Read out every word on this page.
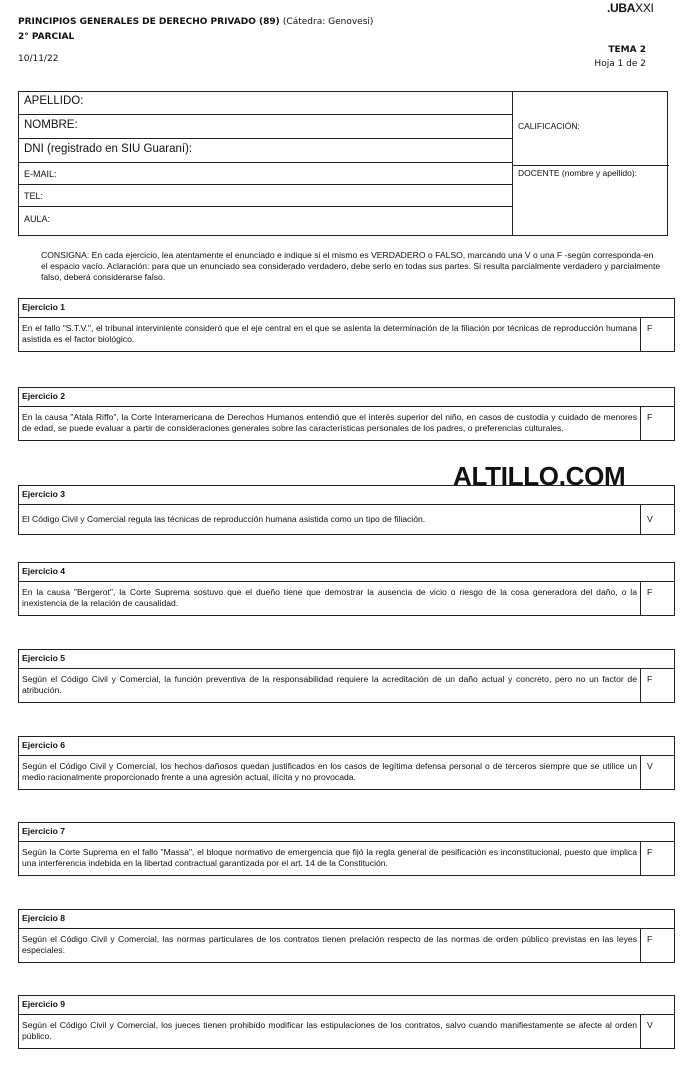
PRINCIPIOS GENERALES DE DERECHO PRIVADO (89) (Cátedra: Genovesi)
2° PARCIAL
10/11/22
.UBAXXI
TEMA 2
Hoja 1 de 2
APELLIDO:
NOMBRE:
DNI (registrado en SIU Guaraní):
E-MAIL:
TEL:
AULA:
CALIFICACIÓN:
DOCENTE (nombre y apellido):
CONSIGNA: En cada ejercicio, lea atentamente el enunciado e indique si el mismo es VERDADERO o FALSO, marcando una V o una F -según corresponda-en el espacio vacío. Aclaración: para que un enunciado sea considerado verdadero, debe serlo en todas sus partes. Si resulta parcialmente verdadero y parcialmente falso, deberá considerarse falso.
Ejercicio 1
En el fallo "S.T.V.", el tribunal interviniente consideró que el eje central en el que se asienta la determinación de la filiación por técnicas de reproducción humana asistida es el factor biológico.
F
Ejercicio 2
En la causa "Atala Riffo", la Corte Interamericana de Derechos Humanos entendió que el interés superior del niño, en casos de custodia y cuidado de menores de edad, se puede evaluar a partir de consideraciones generales sobre las características personales de los padres, o preferencias culturales.
F
ALTILLO.COM
Ejercicio 3
El Código Civil y Comercial regula las técnicas de reproducción humana asistida como un tipo de filiación.	V
Ejercicio 4
En la causa "Bergerot", la Corte Suprema sostuvo que el dueño tiene que demostrar la ausencia de vicio o riesgo de la cosa generadora del daño, o la inexistencia de la relación de causalidad.
F
Ejercicio 5
Según el Código Civil y Comercial, la función preventiva de la responsabilidad requiere la acreditación de un daño actual y concreto, pero no un factor de atribución.
F
Ejercicio 6
Según el Código Civil y Comercial, los hechos dañosos quedan justificados en los casos de legítima defensa personal o de terceros siempre que se utilice un medio racionalmente proporcionado frente a una agresión actual, ilícita y no provocada.
V
Ejercicio 7
Según la Corte Suprema en el fallo "Massa", el bloque normativo de emergencia que fijó la regla general de pesificación es inconstitucional, puesto que implica una interferencia indebida en la libertad contractual garantizada por el art. 14 de la Constitución.
F
Ejercicio 8
Según el Código Civil y Comercial, las normas particulares de los contratos tienen prelación respecto de las normas de orden público previstas en las leyes especiales.
F
Ejercicio 9
Según el Código Civil y Comercial, los jueces tienen prohibido modificar las estipulaciones de los contratos, salvo cuando manifiestamente se afecte al orden público.
V
